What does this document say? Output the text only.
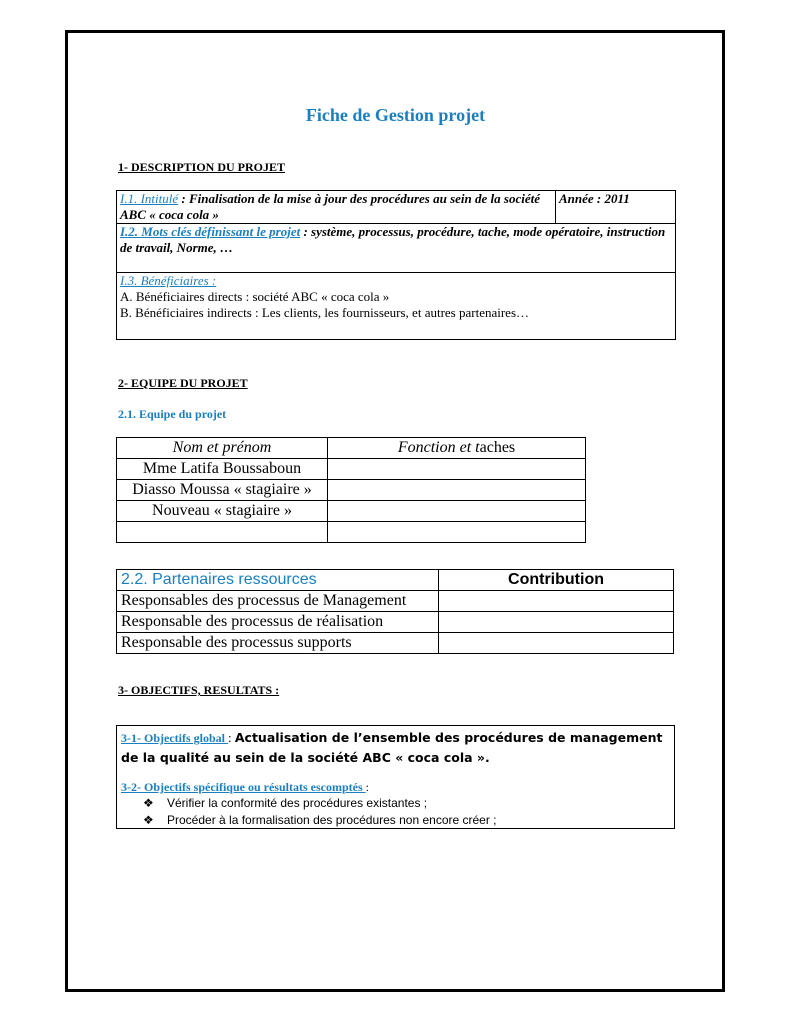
Fiche de Gestion projet
1- DESCRIPTION DU PROJET
I.1. Intitulé : Finalisation de la mise à jour des procédures au sein de la société ABC « coca cola »	Année : 2011
I.2. Mots clés définissant le projet : système, processus, procédure, tache, mode opératoire, instruction de travail, Norme, …

I.3. Bénéficiaires :
A. Bénéficiaires directs : société ABC « coca cola »
B. Bénéficiaires indirects : Les clients, les fournisseurs, et autres partenaires…
2- EQUIPE DU PROJET
2.1. Equipe du projet
Nom et prénom	Fonction et taches
Mme Latifa Boussaboun	
Diasso Moussa « stagiaire »	
Nouveau « stagiaire »	

2.2. Partenaires ressources	Contribution
Responsables des processus de Management	
Responsable des processus de réalisation	
Responsable des processus supports	
3- OBJECTIFS, RESULTATS :
3-1- Objectifs global : Actualisation de l’ensemble des procédures de management de la qualité au sein de la société ABC « coca cola ».
3-2- Objectifs spécifique ou résultats escomptés :
❖	Vérifier la conformité des procédures existantes ;
❖	Procéder à la formalisation des procédures non encore créer ;
